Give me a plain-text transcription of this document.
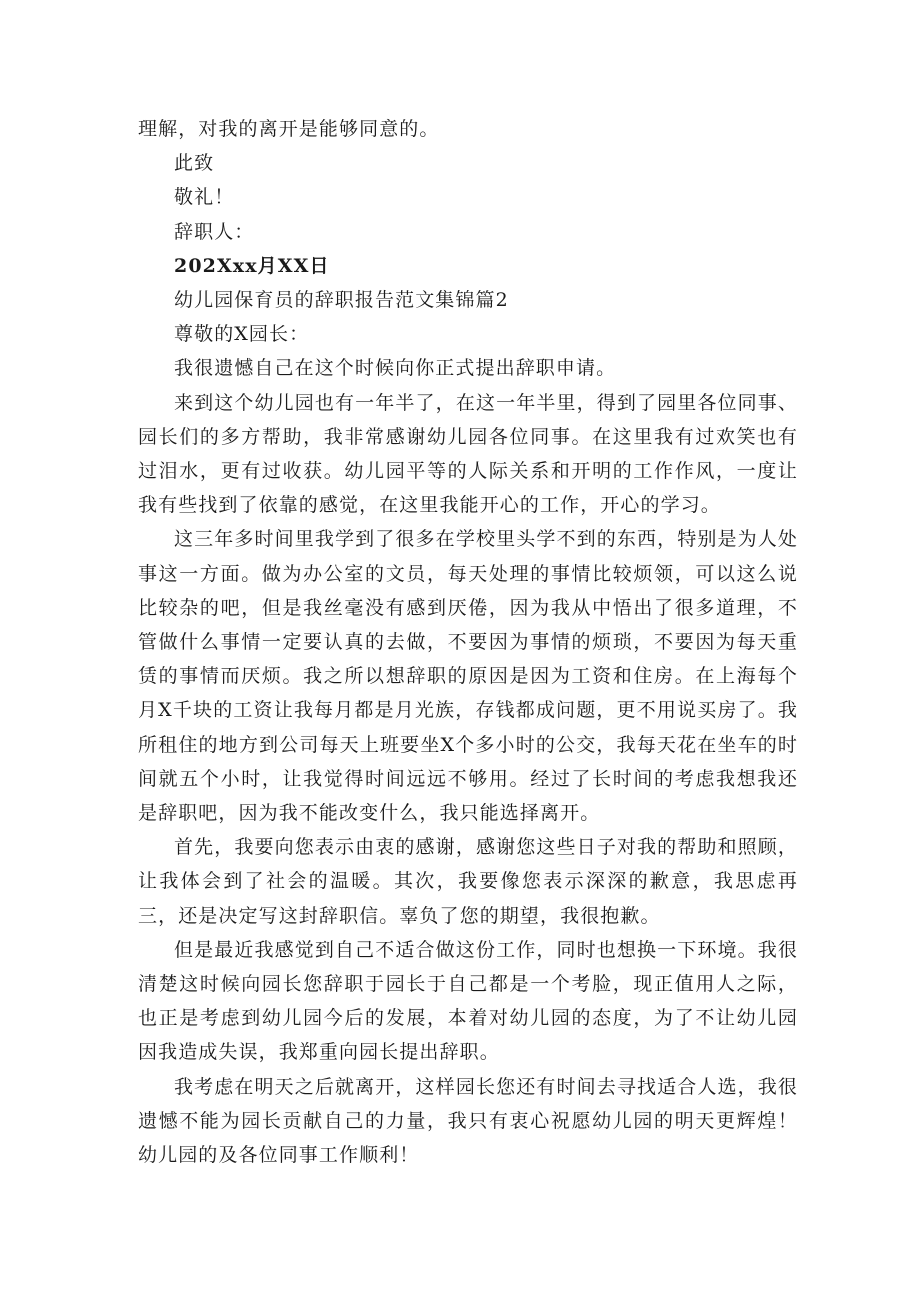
理解，对我的离开是能够同意的。

此致

敬礼！

辞职人：

202Xxx月XX日

幼儿园保育员的辞职报告范文集锦篇2

尊敬的X园长：

我很遗憾自己在这个时候向你正式提出辞职申请。

来到这个幼儿园也有一年半了，在这一年半里，得到了园里各位同事、园长们的多方帮助，我非常感谢幼儿园各位同事。在这里我有过欢笑也有过泪水，更有过收获。幼儿园平等的人际关系和开明的工作作风，一度让我有些找到了依靠的感觉，在这里我能开心的工作，开心的学习。

这三年多时间里我学到了很多在学校里头学不到的东西，特别是为人处事这一方面。做为办公室的文员，每天处理的事情比较烦领，可以这么说比较杂的吧，但是我丝毫没有感到厌倦，因为我从中悟出了很多道理，不管做什么事情一定要认真的去做，不要因为事情的烦琐，不要因为每天重赁的事情而厌烦。我之所以想辞职的原因是因为工资和住房。在上海每个月X千块的工资让我每月都是月光族，存钱都成问题，更不用说买房了。我所租住的地方到公司每天上班要坐X个多小时的公交，我每天花在坐车的时间就五个小时，让我觉得时间远远不够用。经过了长时间的考虑我想我还是辞职吧，因为我不能改变什么，我只能选择离开。

首先，我要向您表示由衷的感谢，感谢您这些日子对我的帮助和照顾，让我体会到了社会的温暖。其次，我要像您表示深深的歉意，我思虑再三，还是决定写这封辞职信。辜负了您的期望，我很抱歉。

但是最近我感觉到自己不适合做这份工作，同时也想换一下环境。我很清楚这时候向园长您辞职于园长于自己都是一个考脸，现正值用人之际，也正是考虑到幼儿园今后的发展，本着对幼儿园的态度，为了不让幼儿园因我造成失误，我郑重向园长提出辞职。

我考虑在明天之后就离开，这样园长您还有时间去寻找适合人选，我很遗憾不能为园长贡献自己的力量，我只有衷心祝愿幼儿园的明天更辉煌！幼儿园的及各位同事工作顺利！
